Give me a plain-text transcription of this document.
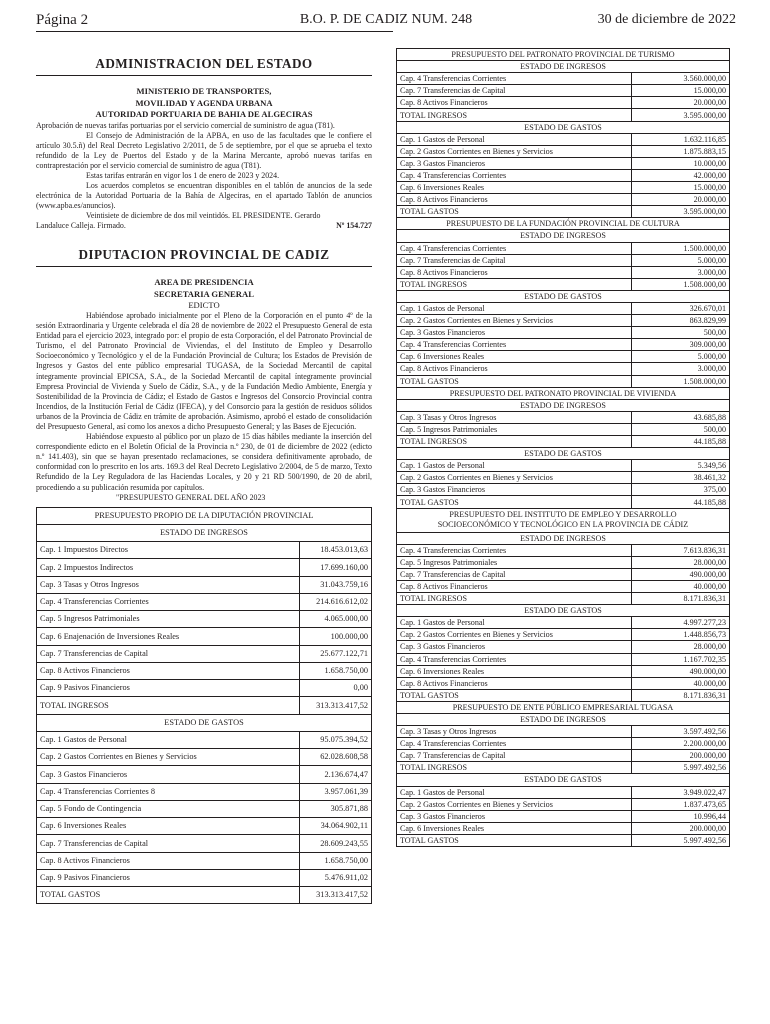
Página 2	B.O. P. DE CADIZ NUM. 248	30 de diciembre de 2022
ADMINISTRACION DEL ESTADO
MINISTERIO DE TRANSPORTES,
MOVILIDAD Y AGENDA URBANA
AUTORIDAD PORTUARIA DE BAHIA DE ALGECIRAS

Aprobación de nuevas tarifas portuarias por el servicio comercial de suministro de agua (T81).

El Consejo de Administración de la APBA, en uso de las facultades que le confiere el artículo 30.5.ñ) del Real Decreto Legislativo 2/2011, de 5 de septiembre, por el que se aprueba el texto refundido de la Ley de Puertos del Estado y de la Marina Mercante, aprobó nuevas tarifas en contraprestación por el servicio comercial de suministro de agua (T81).

Estas tarifas entrarán en vigor los 1 de enero de 2023 y 2024.

Los acuerdos completos se encuentran disponibles en el tablón de anuncios de la sede electrónica de la Autoridad Portuaria de la Bahía de Algeciras, en el apartado Tablón de anuncios (www.apba.es/anuncios).

Veintisiete de diciembre de dos mil veintidós. EL PRESIDENTE. Gerardo

Landaluce Calleja. Firmado.	Nº 154.727
DIPUTACION PROVINCIAL DE CADIZ
AREA DE PRESIDENCIA
SECRETARIA GENERAL
EDICTO

Habiéndose aprobado inicialmente por el Pleno de la Corporación en el punto 4º de la sesión Extraordinaria y Urgente celebrada el día 28 de noviembre de 2022 el Presupuesto General de esta Entidad para el ejercicio 2023, integrado por: el propio de esta Corporación, el del Patronato Provincial de Turismo, el del Patronato Provincial de Viviendas, el del Instituto de Empleo y Desarrollo Socioeconómico y Tecnológico y el de la Fundación Provincial de Cultura; los Estados de Previsión de Ingresos y Gastos del ente público empresarial TUGASA, de la Sociedad Mercantil de capital íntegramente provincial EPICSA, S.A., de la Sociedad Mercantil de capital íntegramente provincial Empresa Provincial de Vivienda y Suelo de Cádiz, S.A., y de la Fundación Medio Ambiente, Energía y Sostenibilidad de la Provincia de Cádiz; el Estado de Gastos e Ingresos del Consorcio Provincial contra Incendios, de la Institución Ferial de Cádiz (IFECA), y del Consorcio para la gestión de residuos sólidos urbanos de la Provincia de Cádiz en trámite de aprobación. Asimismo, aprobó el estado de consolidación del Presupuesto General, así como los anexos a dicho Presupuesto General; y las Bases de Ejecución.

Habiéndose expuesto al público por un plazo de 15 días hábiles mediante la inserción del correspondiente edicto en el Boletín Oficial de la Provincia n.º 230, de 01 de diciembre de 2022 (edicto n.º 141.403), sin que se hayan presentado reclamaciones, se considera definitivamente aprobado, de conformidad con lo prescrito en los arts. 169.3 del Real Decreto Legislativo 2/2004, de 5 de marzo, Texto Refundido de la Ley Reguladora de las Haciendas Locales, y 20 y 21 RD 500/1990, de 20 de abril, procediendo a su publicación resumida por capítulos.

"PRESUPUESTO GENERAL DEL AÑO 2023

PRESUPUESTO PROPIO DE LA DIPUTACIÓN PROVINCIAL	
ESTADO DE INGRESOS	
Cap. 1 Impuestos Directos	18.453.013,63
Cap. 2 Impuestos Indirectos	17.699.160,00
Cap. 3 Tasas y Otros Ingresos	31.043.759,16
Cap. 4 Transferencias Corrientes	214.616.612,02
Cap. 5 Ingresos Patrimoniales	4.065.000,00
Cap. 6 Enajenación de Inversiones Reales	100.000,00
Cap. 7 Transferencias de Capital	25.677.122,71
Cap. 8 Activos Financieros	1.658.750,00
Cap. 9 Pasivos Financieros	0,00
TOTAL INGRESOS	313.313.417,52
ESTADO DE GASTOS	
Cap. 1 Gastos de Personal	95.075.394,52
Cap. 2 Gastos Corrientes en Bienes y Servicios	62.028.608,58
Cap. 3 Gastos Financieros	2.136.674,47
Cap. 4 Transferencias Corrientes 8	3.957.061,39
Cap. 5 Fondo de Contingencia	305.871,88
Cap. 6 Inversiones Reales	34.064.902,11
Cap. 7 Transferencias de Capital	28.609.243,55
Cap. 8 Activos Financieros	1.658.750,00
Cap. 9 Pasivos Financieros	5.476.911,02
TOTAL GASTOS	313.313.417,52
PRESUPUESTO DEL PATRONATO PROVINCIAL DE TURISMO	
ESTADO DE INGRESOS	
Cap. 4 Transferencias Corrientes	3.560.000,00
Cap. 7 Transferencias de Capital	15.000,00
Cap. 8 Activos Financieros	20.000,00
TOTAL INGRESOS	3.595.000,00
ESTADO DE GASTOS	
Cap. 1 Gastos de Personal	1.632.116,85
Cap. 2 Gastos Corrientes en Bienes y Servicios	1.875.883,15
Cap. 3 Gastos Financieros	10.000,00
Cap. 4 Transferencias Corrientes	42.000,00
Cap. 6 Inversiones Reales	15.000,00
Cap. 8 Activos Financieros	20.000,00
TOTAL GASTOS	3.595.000,00
PRESUPUESTO DE LA FUNDACIÓN PROVINCIAL DE CULTURA	
ESTADO DE INGRESOS	
Cap. 4 Transferencias Corrientes	1.500.000,00
Cap. 7 Transferencias de Capital	5.000,00
Cap. 8 Activos Financieros	3.000,00
TOTAL INGRESOS	1.508.000,00
ESTADO DE GASTOS	
Cap. 1 Gastos de Personal	326.670,01
Cap. 2 Gastos Corrientes en Bienes y Servicios	863.829,99
Cap. 3 Gastos Financieros	500,00
Cap. 4 Transferencias Corrientes	309.000,00
Cap. 6 Inversiones Reales	5.000,00
Cap. 8 Activos Financieros	3.000,00
TOTAL GASTOS	1.508.000,00
PRESUPUESTO DEL PATRONATO PROVINCIAL DE VIVIENDA	
ESTADO DE INGRESOS	
Cap. 3 Tasas y Otros Ingresos	43.685,88
Cap. 5 Ingresos Patrimoniales	500,00
TOTAL INGRESOS	44.185,88
ESTADO DE GASTOS	
Cap. 1 Gastos de Personal	5.349,56
Cap. 2 Gastos Corrientes en Bienes y Servicios	38.461,32
Cap. 3 Gastos Financieros	375,00
TOTAL GASTOS	44.185,88
PRESUPUESTO DEL INSTITUTO DE EMPLEO Y DESARROLLO
SOCIOECONÓMICO Y TECNOLÓGICO EN LA PROVINCIA DE CÁDIZ	
ESTADO DE INGRESOS	
Cap. 4 Transferencias Corrientes	7.613.836,31
Cap. 5 Ingresos Patrimoniales	28.000,00
Cap. 7 Transferencias de Capital	490.000,00
Cap. 8 Activos Financieros	40.000,00
TOTAL INGRESOS	8.171.836,31
ESTADO DE GASTOS	
Cap. 1 Gastos de Personal	4.997.277,23
Cap. 2 Gastos Corrientes en Bienes y Servicios	1.448.856,73
Cap. 3 Gastos Financieros	28.000,00
Cap. 4 Transferencias Corrientes	1.167.702,35
Cap. 6 Inversiones Reales	490.000,00
Cap. 8 Activos Financieros	40.000,00
TOTAL GASTOS	8.171.836,31
PRESUPUESTO DE ENTE PÚBLICO EMPRESARIAL TUGASA	
ESTADO DE INGRESOS	
Cap. 3 Tasas y Otros Ingresos	3.597.492,56
Cap. 4 Transferencias Corrientes	2.200.000,00
Cap. 7 Transferencias de Capital	200.000,00
TOTAL INGRESOS	5.997.492,56
ESTADO DE GASTOS	
Cap. 1 Gastos de Personal	3.949.022,47
Cap. 2 Gastos Corrientes en Bienes y Servicios	1.837.473,65
Cap. 3 Gastos Financieros	10.996,44
Cap. 6 Inversiones Reales	200.000,00
TOTAL GASTOS	5.997.492,56
